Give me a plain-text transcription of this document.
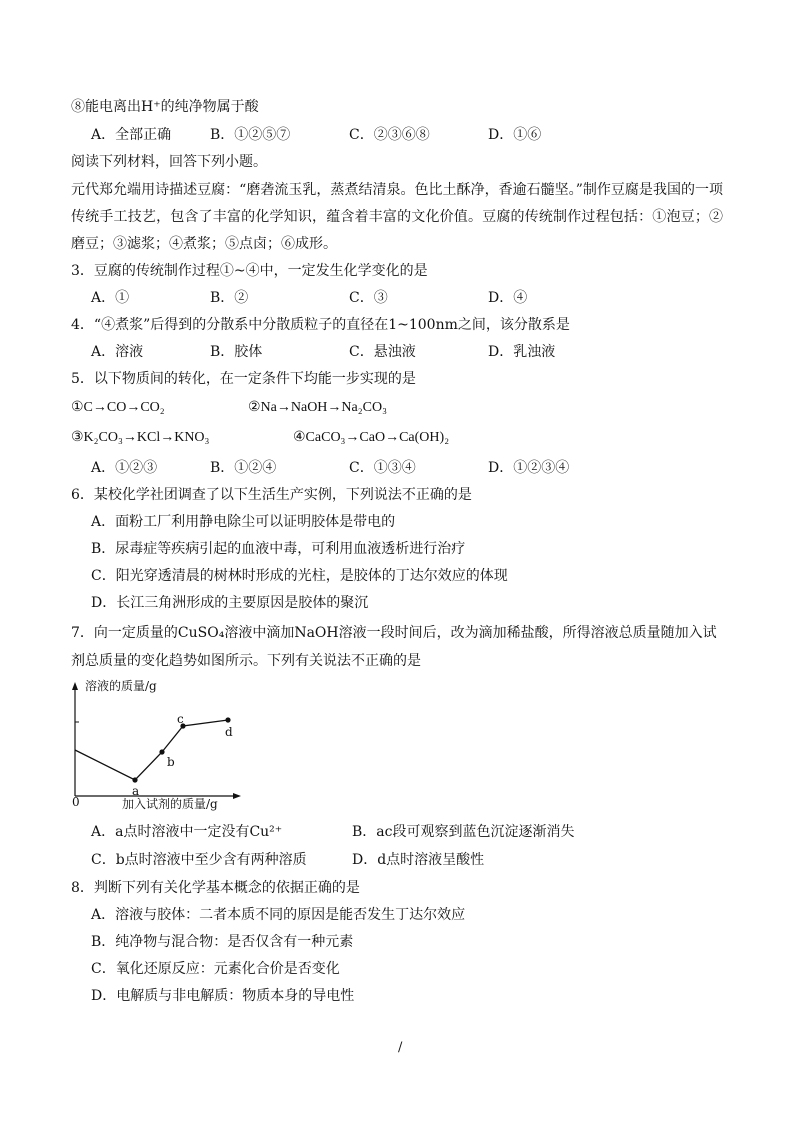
⑧能电离出H⁺的纯净物属于酸
A．全部正确	B．①②⑤⑦	C．②③⑥⑧	D．①⑥
阅读下列材料，回答下列小题。
元代郑允端用诗描述豆腐：“磨砻流玉乳，蒸煮结清泉。色比土酥净，香逾石髓坚。”制作豆腐是我国的一项传统手工技艺，包含了丰富的化学知识，蕴含着丰富的文化价值。豆腐的传统制作过程包括：①泡豆；②磨豆；③滤浆；④煮浆；⑤点卤；⑥成形。
3．豆腐的传统制作过程①~④中，一定发生化学变化的是
A．①	B．②	C．③	D．④
4．“④煮浆”后得到的分散系中分散质粒子的直径在1~100nm之间，该分散系是
A．溶液	B．胶体	C．悬浊液	D．乳浊液
5．以下物质间的转化，在一定条件下均能一步实现的是
①C→CO→CO₂	②Na→NaOH→Na₂CO₃
③K₂CO₃→KCl→KNO₃	④CaCO₃→CaO→Ca(OH)₂
A．①②③	B．①②④	C．①③④	D．①②③④
6．某校化学社团调查了以下生活生产实例，下列说法不正确的是
A．面粉工厂利用静电除尘可以证明胶体是带电的
B．尿毒症等疾病引起的血液中毒，可利用血液透析进行治疗
C．阳光穿透清晨的树林时形成的光柱，是胶体的丁达尔效应的体现
D．长江三角洲形成的主要原因是胶体的聚沉
7．向一定质量的CuSO₄溶液中滴加NaOH溶液一段时间后，改为滴加稀盐酸，所得溶液总质量随加入试
剂总质量的变化趋势如图所示。下列有关说法不正确的是
溶液的质量/g
加入试剂的质量/g
0
a
b
c
d
A．a点时溶液中一定没有Cu²⁺	B．ac段可观察到蓝色沉淀逐渐消失
C．b点时溶液中至少含有两种溶质	D．d点时溶液呈酸性
8．判断下列有关化学基本概念的依据正确的是
A．溶液与胶体：二者本质不同的原因是能否发生丁达尔效应
B．纯净物与混合物：是否仅含有一种元素
C．氧化还原反应：元素化合价是否变化
D．电解质与非电解质：物质本身的导电性
/
